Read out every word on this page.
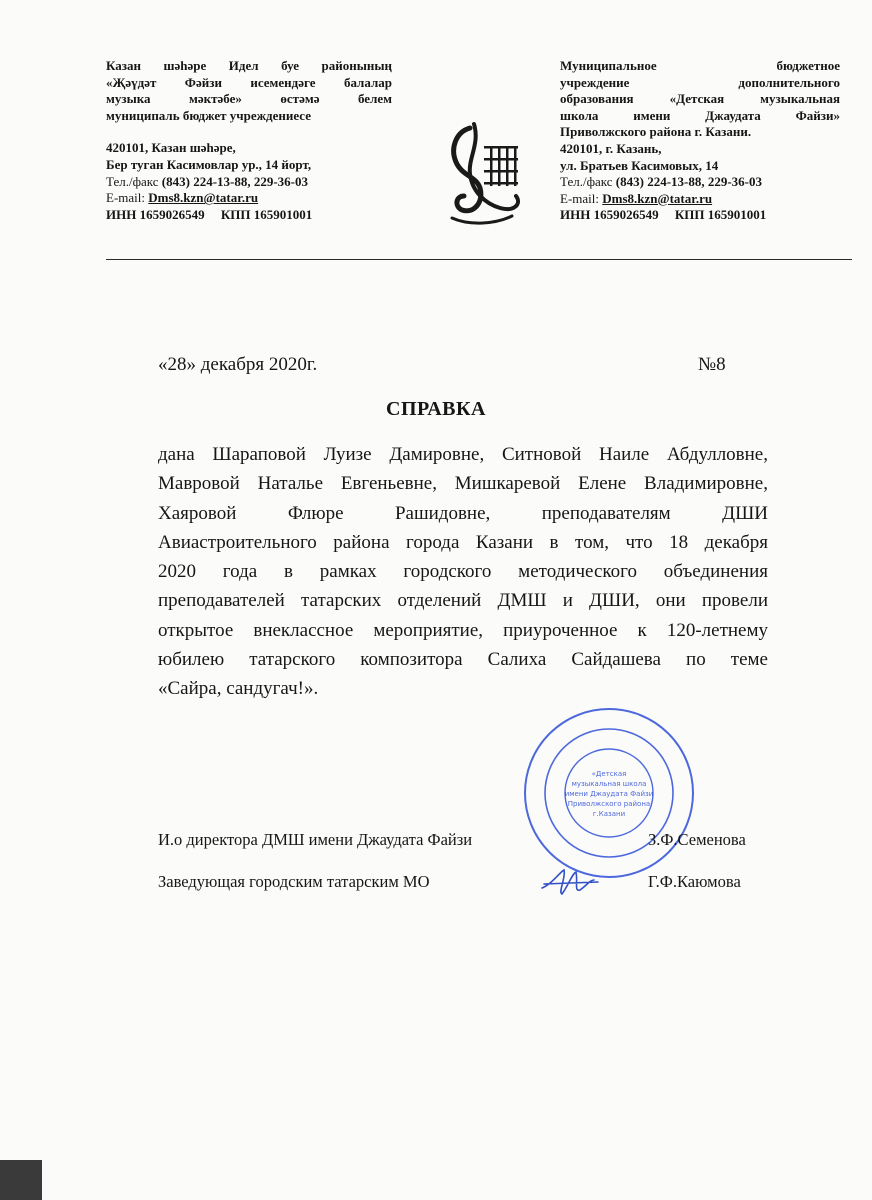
Казан шәһәре Идел буе районының

«Җәүдәт Фәйзи исемендәге балалар

музыка мәктәбе» өстәмә белем

муниципаль бюджет учреждениесе

420101, Казан шәһәре,

Бер туган Касимовлар ур., 14 йорт,

Тел./факс (843) 224-13-88, 229-36-03

E-mail: Dms8.kzn@tatar.ru

ИНН 1659026549 КПП 165901001

Муниципальное бюджетное

учреждение дополнительного

образования «Детская музыкальная

школа имени Джаудата Файзи»

Приволжского района г. Казани.

420101, г. Казань,

ул. Братьев Касимовых, 14

Тел./факс (843) 224-13-88, 229-36-03

E-mail: Dms8.kzn@tatar.ru

ИНН 1659026549 КПП 165901001

«28» декабря 2020г.	№8
СПРАВКА

дана Шараповой Луизе Дамировне, Ситновой Наиле Абдулловне,
Мавровой Наталье Евгеньевне, Мишкаревой Елене Владимировне,
Хаяровой Флюре Рашидовне, преподавателям ДШИ
Авиастроительного района города Казани в том, что 18 декабря
2020 года в рамках городского методического объединения
преподавателей татарских отделений ДМШ и ДШИ, они провели
открытое внеклассное мероприятие, приуроченное к 120-летнему
юбилею татарского композитора Салиха Сайдашева по теме
«Сайра, сандугач!».

«Детская
музыкальная школа
имени Джаудата Файзи
Приволжского района
г.Казани
И.о директора ДМШ имени Джаудата Файзи	З.Ф.Семенова
Заведующая городским татарским МО	Г.Ф.Каюмова
